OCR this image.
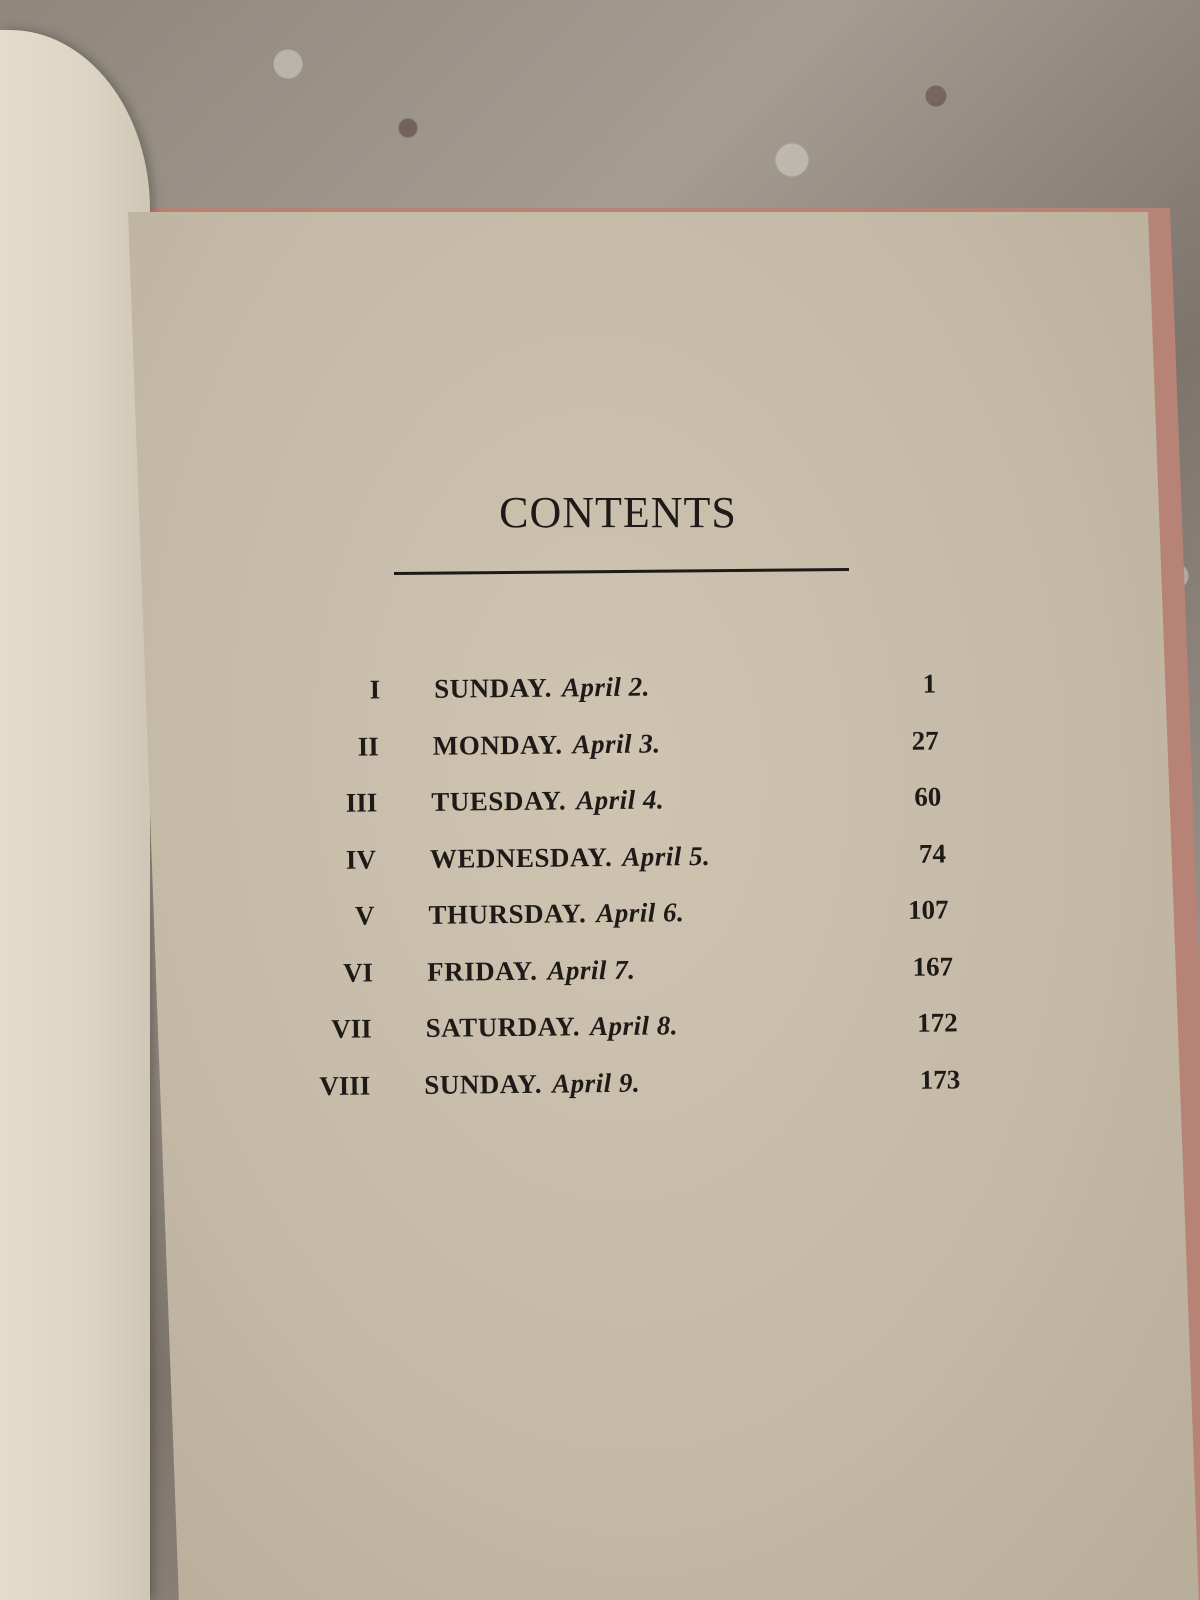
CONTENTS
I SUNDAY. April 2.	1
II MONDAY. April 3.	27
III TUESDAY. April 4.	60
IV WEDNESDAY. April 5.	74
V THURSDAY. April 6.	107
VI FRIDAY. April 7.	167
VII SATURDAY. April 8.	172
VIII SUNDAY. April 9.	173
